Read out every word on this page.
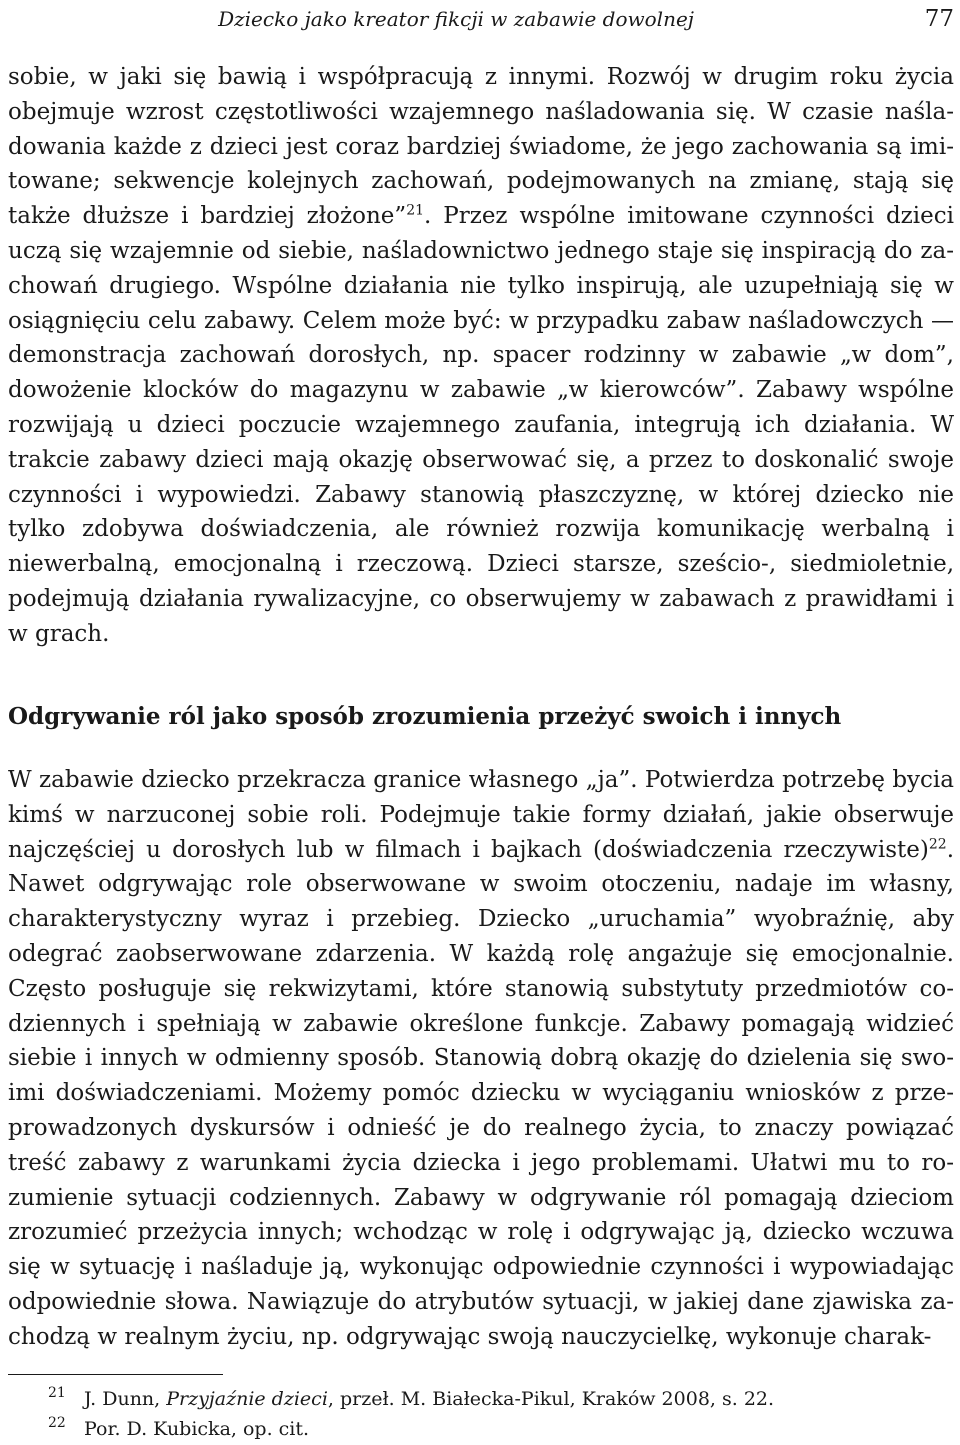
Dziecko jako kreator fikcji w zabawie dowolnej	77

sobie, w jaki się bawią i współpracują z innymi. Rozwój w drugim roku życia obejmuje wzrost częstotliwości wzajemnego naśladowania się. W czasie naśladowania każde z dzieci jest coraz bardziej świadome, że jego zachowania są imitowane; sekwencje kolejnych zachowań, podejmowanych na zmianę, stają się także dłuższe i bardziej złożone”$^{21}$. Przez wspólne imitowane czynności dzieci uczą się wzajemnie od siebie, naśladownictwo jednego staje się inspiracją do zachowań drugiego. Wspólne działania nie tylko inspirują, ale uzupełniają się w osiągnięciu celu zabawy. Celem może być: w przypadku zabaw naśladowczych — demonstracja zachowań dorosłych, np. spacer rodzinny w zabawie „w dom”, dowożenie klocków do magazynu w zabawie „w kierowców”. Zabawy wspólne rozwijają u dzieci poczucie wzajemnego zaufania, integrują ich działania. W trakcie zabawy dzieci mają okazję obserwować się, a przez to doskonalić swoje czynności i wypowiedzi. Zabawy stanowią płaszczyznę, w której dziecko nie tylko zdobywa doświadczenia, ale również rozwija komunikację werbalną i niewerbalną, emocjonalną i rzeczową. Dzieci starsze, sześcio-, siedmioletnie, podejmują działania rywalizacyjne, co obserwujemy w zabawach z prawidłami i w grach.

Odgrywanie ról jako sposób zrozumienia przeżyć swoich i innych

W zabawie dziecko przekracza granice własnego „ja”. Potwierdza potrzebę bycia kimś w narzuconej sobie roli. Podejmuje takie formy działań, jakie obserwuje najczęściej u dorosłych lub w filmach i bajkach (doświadczenia rzeczywiste)$^{22}$. Nawet odgrywając role obserwowane w swoim otoczeniu, nadaje im własny, charakterystyczny wyraz i przebieg. Dziecko „uruchamia” wyobraźnię, aby odegrać zaobserwowane zdarzenia. W każdą rolę angażuje się emocjonalnie. Często posługuje się rekwizytami, które stanowią substytuty przedmiotów codziennych i spełniają w zabawie określone funkcje. Zabawy pomagają widzieć siebie i innych w odmienny sposób. Stanowią dobrą okazję do dzielenia się swoimi doświadczeniami. Możemy pomóc dziecku w wyciąganiu wniosków z przeprowadzonych dyskursów i odnieść je do realnego życia, to znaczy powiązać treść zabawy z warunkami życia dziecka i jego problemami. Ułatwi mu to rozumienie sytuacji codziennych. Zabawy w odgrywanie ról pomagają dzieciom zrozumieć przeżycia innych; wchodząc w rolę i odgrywając ją, dziecko wczuwa się w sytuację i naśladuje ją, wykonując odpowiednie czynności i wypowiadając odpowiednie słowa. Nawiązuje do atrybutów sytuacji, w jakiej dane zjawiska zachodzą w realnym życiu, np. odgrywając swoją nauczycielkę, wykonuje charak-

21 J. Dunn, Przyjaźnie dzieci, przeł. M. Białecka-Pikul, Kraków 2008, s. 22.
22 Por. D. Kubicka, op. cit.
